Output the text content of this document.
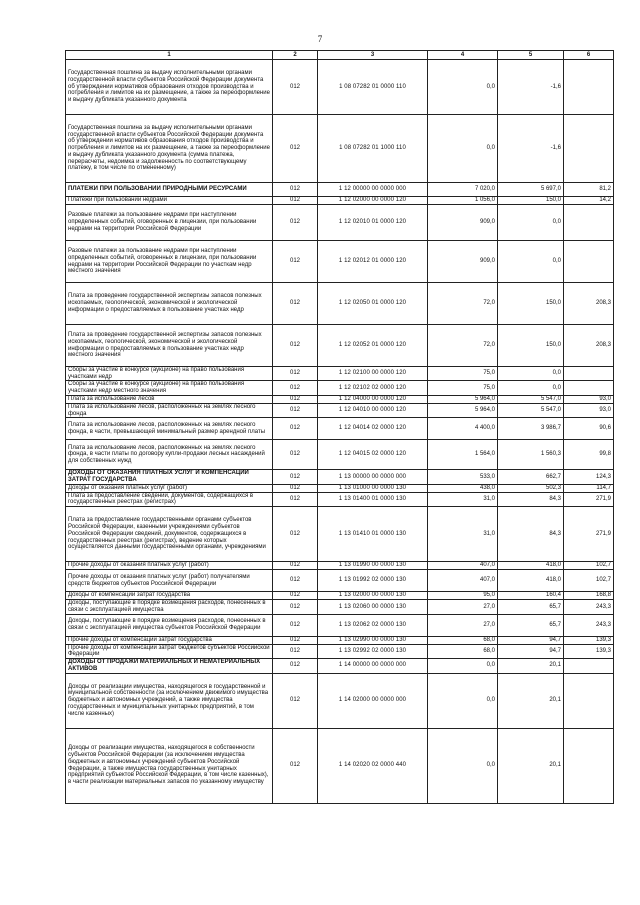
7
1	2	3	4	5	6
Государственная пошлина за выдачу исполнительными органами государственной власти субъектов Российской Федерации документа об утверждении нормативов образования отходов производства и потребления и лимитов на их размещение, а также за переоформление и выдачу дубликата указанного документа	012	1 08 07282 01 0000 110	0,0	-1,6	
Государственная пошлина за выдачу исполнительными органами государственной власти субъектов Российской Федерации документа об утверждении нормативов образования отходов производства и потребления и лимитов на их размещение, а также за переоформление и выдачу дубликата указанного документа (сумма платежа, перерасчеты, недоимка и задолженность по соответствующему платежу, в том числе по отмененному)	012	1 08 07282 01 1000 110	0,0	-1,6	
ПЛАТЕЖИ ПРИ ПОЛЬЗОВАНИИ ПРИРОДНЫМИ РЕСУРСАМИ	012	1 12 00000 00 0000 000	7 020,0	5 697,0	81,2
Платежи при пользовании недрами	012	1 12 02000 00 0000 120	1 056,0	150,0	14,2
Разовые платежи за пользование недрами при наступлении определенных событий, оговоренных в лицензии, при пользовании недрами на территории Российской Федерации	012	1 12 02010 01 0000 120	909,0	0,0	
Разовые платежи за пользование недрами при наступлении определенных событий, оговоренных в лицензии, при пользовании недрами на территории Российской Федерации по участкам недр местного значения	012	1 12 02012 01 0000 120	909,0	0,0	
Плата за проведение государственной экспертизы запасов полезных ископаемых, геологической, экономической и экологической информации о предоставляемых в пользование участках недр	012	1 12 02050 01 0000 120	72,0	150,0	208,3
Плата за проведение государственной экспертизы запасов полезных ископаемых, геологической, экономической и экологической информации о предоставляемых в пользование участках недр местного значения	012	1 12 02052 01 0000 120	72,0	150,0	208,3
Сборы за участие в конкурсе (аукционе) на право пользования участками недр	012	1 12 02100 00 0000 120	75,0	0,0	
Сборы за участие в конкурсе (аукционе) на право пользования участками недр местного значения	012	1 12 02102 02 0000 120	75,0	0,0	
Плата за использование лесов	012	1 12 04000 00 0000 120	5 964,0	5 547,0	93,0
Плата за использование лесов, расположенных на землях лесного фонда	012	1 12 04010 00 0000 120	5 964,0	5 547,0	93,0
Плата за использование лесов, расположенных на землях лесного фонда, в части, превышающей минимальный размер арендной платы	012	1 12 04014 02 0000 120	4 400,0	3 986,7	90,6
Плата за использование лесов, расположенных на землях лесного фонда, в части платы по договору купли-продажи лесных насаждений для собственных нужд	012	1 12 04015 02 0000 120	1 564,0	1 560,3	99,8
ДОХОДЫ ОТ ОКАЗАНИЯ ПЛАТНЫХ УСЛУГ И КОМПЕНСАЦИИ ЗАТРАТ ГОСУДАРСТВА	012	1 13 00000 00 0000 000	533,0	662,7	124,3
Доходы от оказания платных услуг (работ)	012	1 13 01000 00 0000 130	438,0	502,3	114,7
Плата за предоставление сведений, документов, содержащихся в государственных реестрах (регистрах)	012	1 13 01400 01 0000 130	31,0	84,3	271,9
Плата за предоставление государственными органами субъектов Российской Федерации, казенными учреждениями субъектов Российской Федерации сведений, документов, содержащихся в государственных реестрах (регистрах), ведение которых осуществляется данными государственными органами, учреждениями	012	1 13 01410 01 0000 130	31,0	84,3	271,9
Прочие доходы от оказания платных услуг (работ)	012	1 13 01990 00 0000 130	407,0	418,0	102,7
Прочие доходы от оказания платных услуг (работ) получателями средств бюджетов субъектов Российской Федерации	012	1 13 01992 02 0000 130	407,0	418,0	102,7
Доходы от компенсации затрат государства	012	1 13 02000 00 0000 130	95,0	160,4	168,8
Доходы, поступающие в порядке возмещения расходов, понесенных в связи с эксплуатацией имущества	012	1 13 02060 00 0000 130	27,0	65,7	243,3
Доходы, поступающие в порядке возмещения расходов, понесенных в связи с эксплуатацией имущества субъектов Российской Федерации	012	1 13 02062 02 0000 130	27,0	65,7	243,3
Прочие доходы от компенсации затрат государства	012	1 13 02990 00 0000 130	68,0	94,7	139,3
Прочие доходы от компенсации затрат бюджетов субъектов Российской Федерации	012	1 13 02992 02 0000 130	68,0	94,7	139,3
ДОХОДЫ ОТ ПРОДАЖИ МАТЕРИАЛЬНЫХ И НЕМАТЕРИАЛЬНЫХ АКТИВОВ	012	1 14 00000 00 0000 000	0,0	20,1	
Доходы от реализации имущества, находящегося в государственной и муниципальной собственности (за исключением движимого имущества бюджетных и автономных учреждений, а также имущества государственных и муниципальных унитарных предприятий, в том числе казенных)	012	1 14 02000 00 0000 000	0,0	20,1	
Доходы от реализации имущества, находящегося в собственности субъектов Российской Федерации (за исключением имущества бюджетных и автономных учреждений субъектов Российской Федерации, а также имущества государственных унитарных предприятий субъектов Российской Федерации, в том числе казенных), в части реализации материальных запасов по указанному имуществу	012	1 14 02020 02 0000 440	0,0	20,1	
